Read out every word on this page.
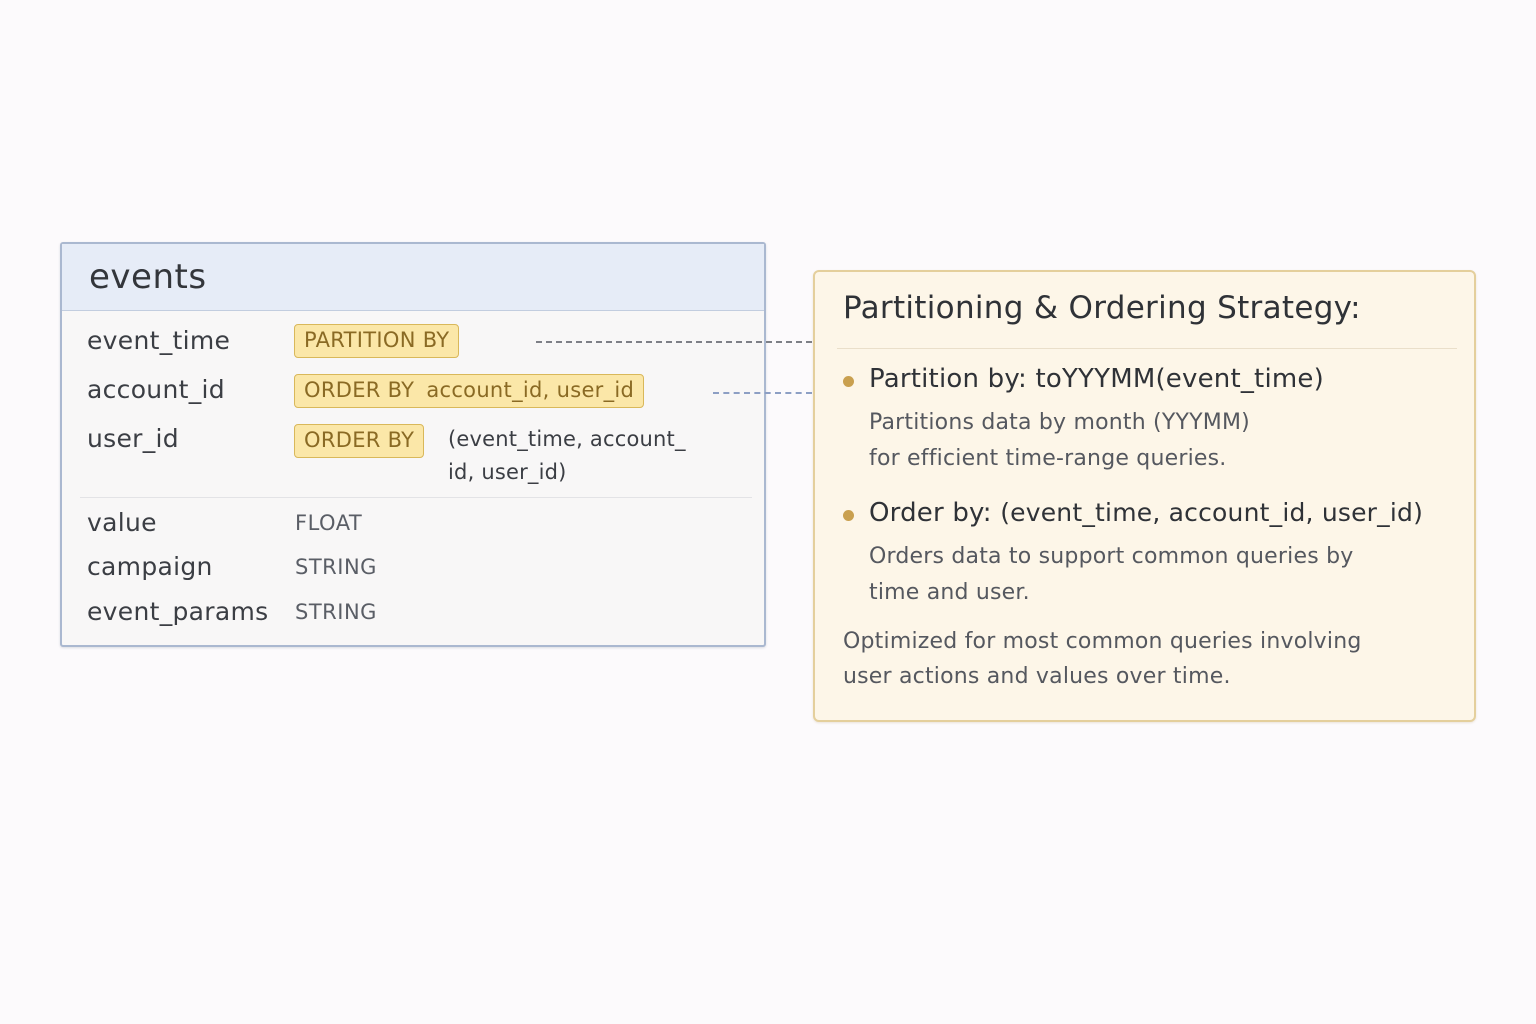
events
event_time	PARTITION BY
account_id	ORDER BY account_id, user_id
user_id	ORDER BY	(event_time, account_
id, user_id)
value	FLOAT
campaign	STRING
event_params STRING
Partitioning & Ordering Strategy:
Partition by: toYYYMM(event_time)
Partitions data by month (YYYMM)
for efficient time-range queries.
Order by: (event_time, account_id, user_id)
Orders data to support common queries by
time and user.
Optimized for most common queries involving
user actions and values over time.
